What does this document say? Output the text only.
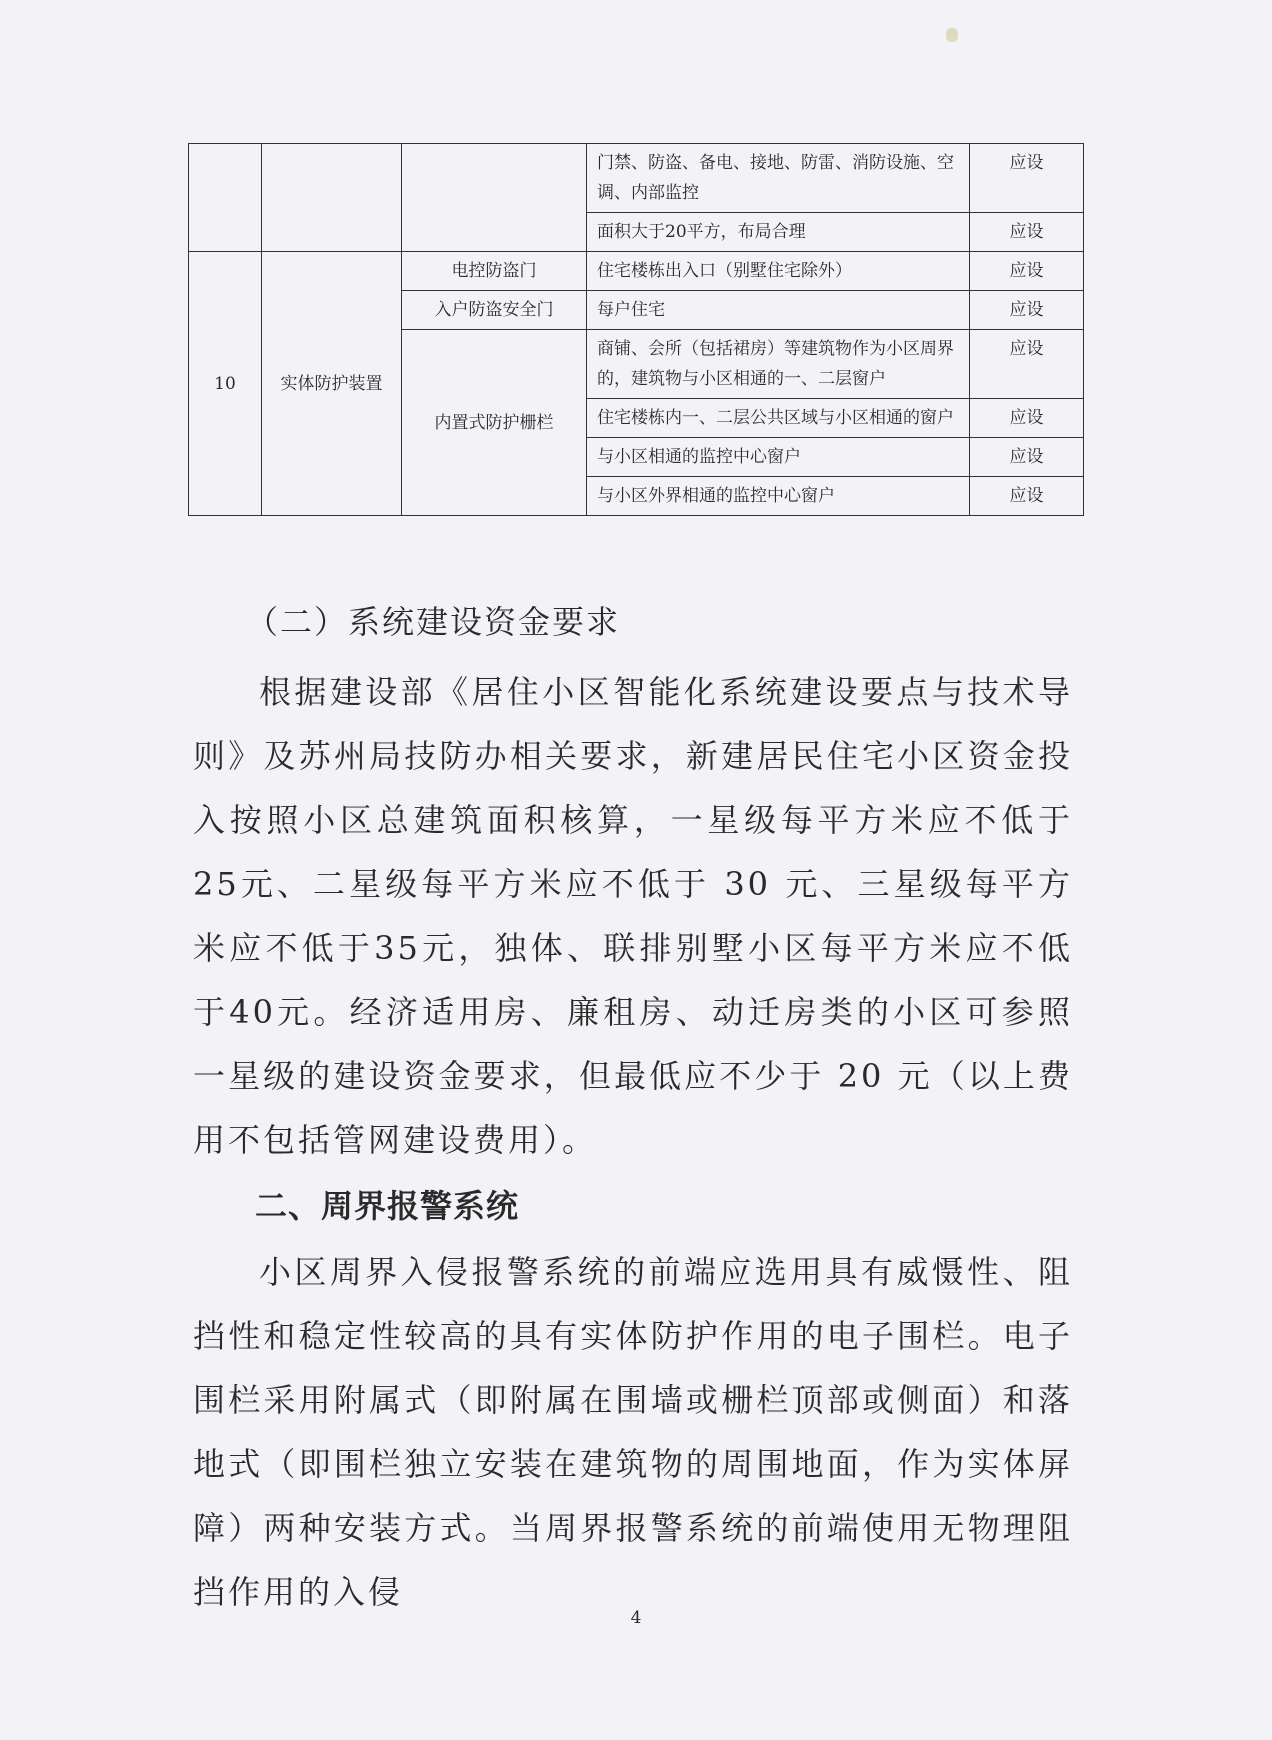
			门禁、防盗、备电、接地、防雷、消防设施、空调、内部监控	应设
			面积大于20平方，布局合理	应设
10	实体防护装置	电控防盗门	住宅楼栋出入口（别墅住宅除外）	应设
		入户防盗安全门	每户住宅	应设
		内置式防护栅栏	商铺、会所（包括裙房）等建筑物作为小区周界的，建筑物与小区相通的一、二层窗户	应设
			住宅楼栋内一、二层公共区域与小区相通的窗户	应设
			与小区相通的监控中心窗户	应设
			与小区外界相通的监控中心窗户	应设

（二）系统建设资金要求

根据建设部《居住小区智能化系统建设要点与技术导则》及苏州局技防办相关要求，新建居民住宅小区资金投入按照小区总建筑面积核算，一星级每平方米应不低于25元、二星级每平方米应不低于 30 元、三星级每平方米应不低于35元，独体、联排别墅小区每平方米应不低于40元。经济适用房、廉租房、动迁房类的小区可参照一星级的建设资金要求，但最低应不少于 20 元（以上费用不包括管网建设费用）。

二、周界报警系统

小区周界入侵报警系统的前端应选用具有威慑性、阻挡性和稳定性较高的具有实体防护作用的电子围栏。电子围栏采用附属式（即附属在围墙或栅栏顶部或侧面）和落地式（即围栏独立安装在建筑物的周围地面，作为实体屏障）两种安装方式。当周界报警系统的前端使用无物理阻挡作用的入侵

4
